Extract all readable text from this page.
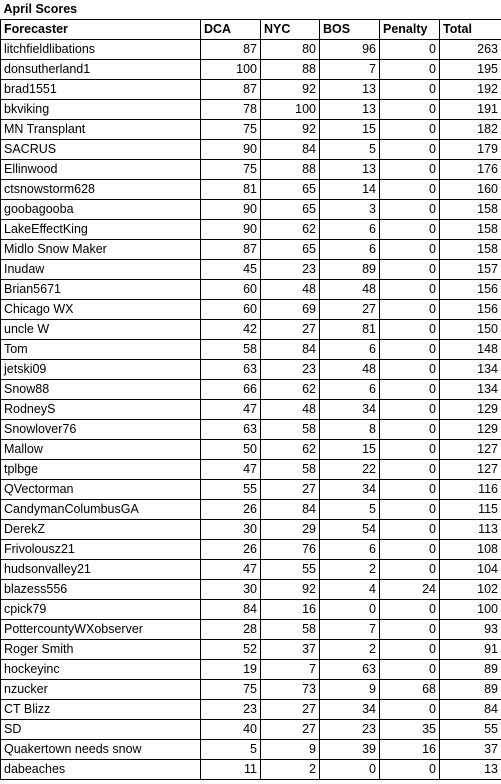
April Scores					
Forecaster	DCA	NYC	BOS	Penalty	Total
litchfieldlibations	87	80	96	0	263
donsutherland1	100	88	7	0	195
brad1551	87	92	13	0	192
bkviking	78	100	13	0	191
MN Transplant	75	92	15	0	182
SACRUS	90	84	5	0	179
Ellinwood	75	88	13	0	176
ctsnowstorm628	81	65	14	0	160
goobagooba	90	65	3	0	158
LakeEffectKing	90	62	6	0	158
Midlo Snow Maker	87	65	6	0	158
Inudaw	45	23	89	0	157
Brian5671	60	48	48	0	156
Chicago WX	60	69	27	0	156
uncle W	42	27	81	0	150
Tom	58	84	6	0	148
jetski09	63	23	48	0	134
Snow88	66	62	6	0	134
RodneyS	47	48	34	0	129
Snowlover76	63	58	8	0	129
Mallow	50	62	15	0	127
tplbge	47	58	22	0	127
QVectorman	55	27	34	0	116
CandymanColumbusGA	26	84	5	0	115
DerekZ	30	29	54	0	113
Frivolousz21	26	76	6	0	108
hudsonvalley21	47	55	2	0	104
blazess556	30	92	4	24	102
cpick79	84	16	0	0	100
PottercountyWXobserver	28	58	7	0	93
Roger Smith	52	37	2	0	91
hockeyinc	19	7	63	0	89
nzucker	75	73	9	68	89
CT Blizz	23	27	34	0	84
SD	40	27	23	35	55
Quakertown needs snow	5	9	39	16	37
dabeaches	11	2	0	0	13
